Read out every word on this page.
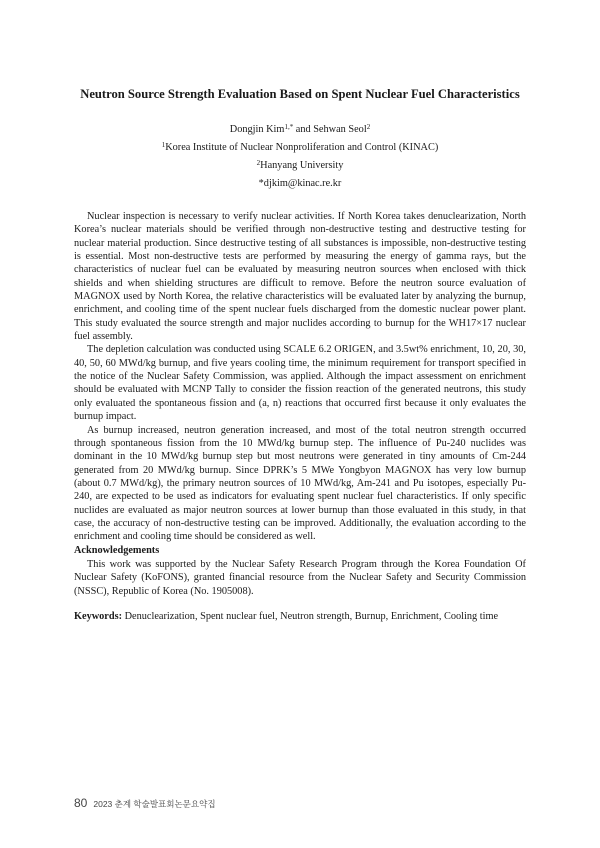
Neutron Source Strength Evaluation Based on Spent Nuclear Fuel Characteristics
Dongjin Kim$^{1,*}$ and Sehwan Seol$^2$
$^1$Korea Institute of Nuclear Nonproliferation and Control (KINAC)
$^2$Hanyang University
*djkim@kinac.re.kr

Nuclear inspection is necessary to verify nuclear activities. If North Korea takes denuclearization, North Korea’s nuclear materials should be verified through non-destructive testing and destructive testing for nuclear material production. Since destructive testing of all substances is impossible, non-destructive testing is essential. Most non-destructive tests are performed by measuring the energy of gamma rays, but the characteristics of nuclear fuel can be evaluated by measuring neutron sources when enclosed with thick shields and when shielding structures are difficult to remove. Before the neutron source evaluation of MAGNOX used by North Korea, the relative characteristics will be evaluated later by analyzing the burnup, enrichment, and cooling time of the spent nuclear fuels discharged from the domestic nuclear power plant. This study evaluated the source strength and major nuclides according to burnup for the WH17×17 nuclear fuel assembly.

The depletion calculation was conducted using SCALE 6.2 ORIGEN, and 3.5wt% enrichment, 10, 20, 30, 40, 50, 60 MWd/kg burnup, and five years cooling time, the minimum requirement for transport specified in the notice of the Nuclear Safety Commission, was applied. Although the impact assessment on enrichment should be evaluated with MCNP Tally to consider the fission reaction of the generated neutrons, this study only evaluated the spontaneous fission and (a, n) reactions that occurred first because it only evaluates the burnup impact.

As burnup increased, neutron generation increased, and most of the total neutron strength occurred through spontaneous fission from the 10 MWd/kg burnup step. The influence of Pu-240 nuclides was dominant in the 10 MWd/kg burnup step but most neutrons were generated in tiny amounts of Cm-244 generated from 20 MWd/kg burnup. Since DPRK’s 5 MWe Yongbyon MAGNOX has very low burnup (about 0.7 MWd/kg), the primary neutron sources of 10 MWd/kg, Am-241 and Pu isotopes, especially Pu-240, are expected to be used as indicators for evaluating spent nuclear fuel characteristics. If only specific nuclides are evaluated as major neutron sources at lower burnup than those evaluated in this study, in that case, the accuracy of non-destructive testing can be improved. Additionally, the evaluation according to the enrichment and cooling time should be considered as well.

Acknowledgements

This work was supported by the Nuclear Safety Research Program through the Korea Foundation Of Nuclear Safety (KoFONS), granted financial resource from the Nuclear Safety and Security Commission (NSSC), Republic of Korea (No. 1905008).

Keywords: Denuclearization, Spent nuclear fuel, Neutron strength, Burnup, Enrichment, Cooling time
80 2023 춘계 학술발표회논문요약집
